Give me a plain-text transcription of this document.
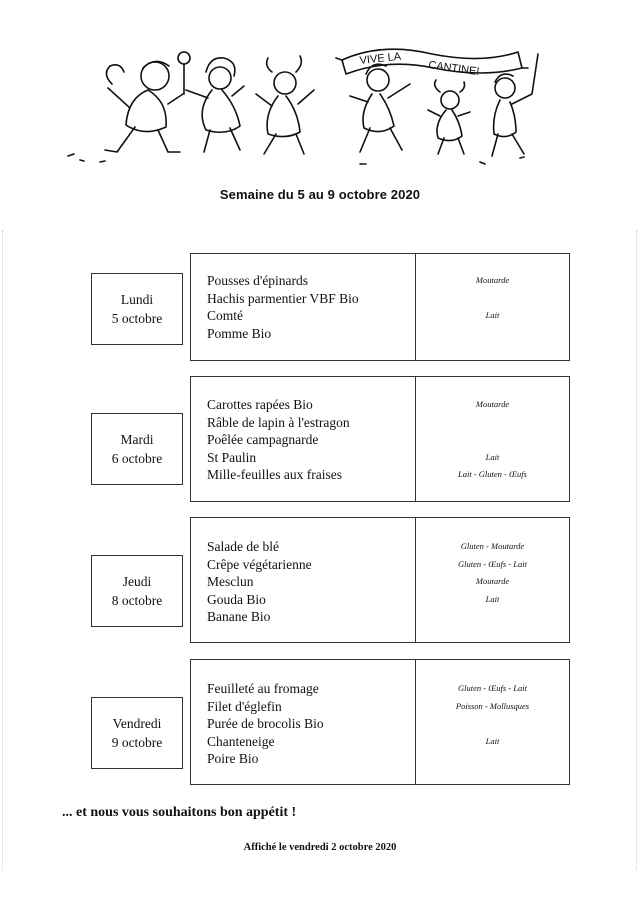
VIVE LA
CANTINE!
Semaine du 5 au 9 octobre 2020
Lundi
5 octobre
Pousses d'épinards
Hachis parmentier VBF Bio
Comté
Pomme Bio
Moutarde
Lait
Mardi
6 octobre
Carottes rapées Bio
Râble de lapin à l'estragon
Poêlée campagnarde
St Paulin
Mille-feuilles aux fraises
Moutarde
Lait
Lait - Gluten - Œufs
Jeudi
8 octobre
Salade de blé
Crêpe végétarienne
Mesclun
Gouda Bio
Banane Bio
Gluten - Moutarde
Gluten - Œufs - Lait
Moutarde
Lait
Vendredi
9 octobre
Feuilleté au fromage
Filet d'églefin
Purée de brocolis Bio
Chanteneige
Poire Bio
Gluten - Œufs - Lait
Poisson - Mollusques
Lait
... et nous vous souhaitons bon appétit !
Affiché le vendredi 2 octobre 2020
